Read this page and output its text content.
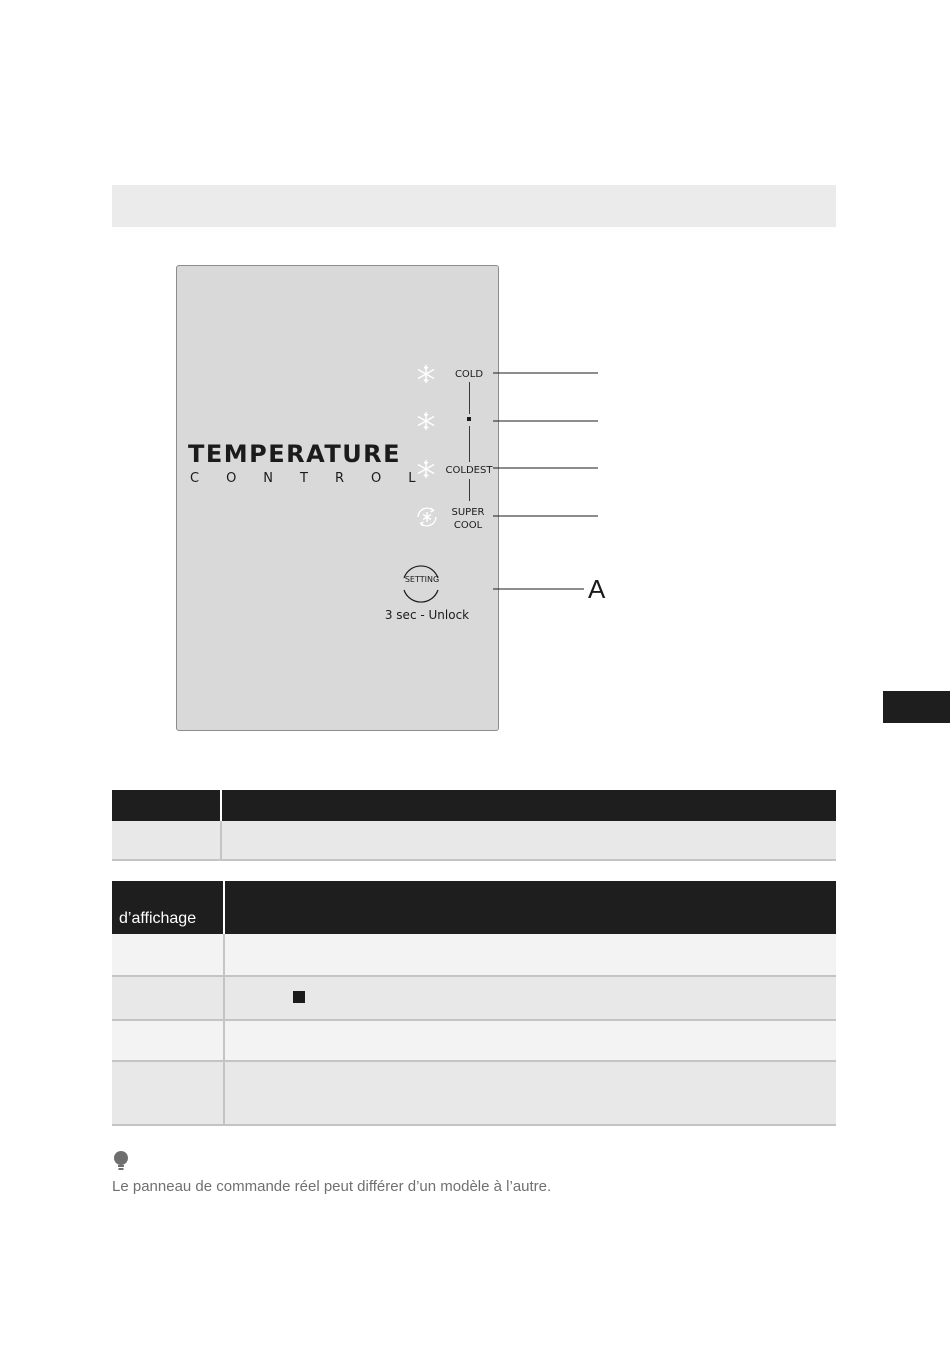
TEMPERATURE
CONTROL
COLD
COLDEST
SUPER
COOL
SETTING
3 sec - Unlock
A
d’affichage
Le panneau de commande réel peut différer d’un modèle à l’autre.
